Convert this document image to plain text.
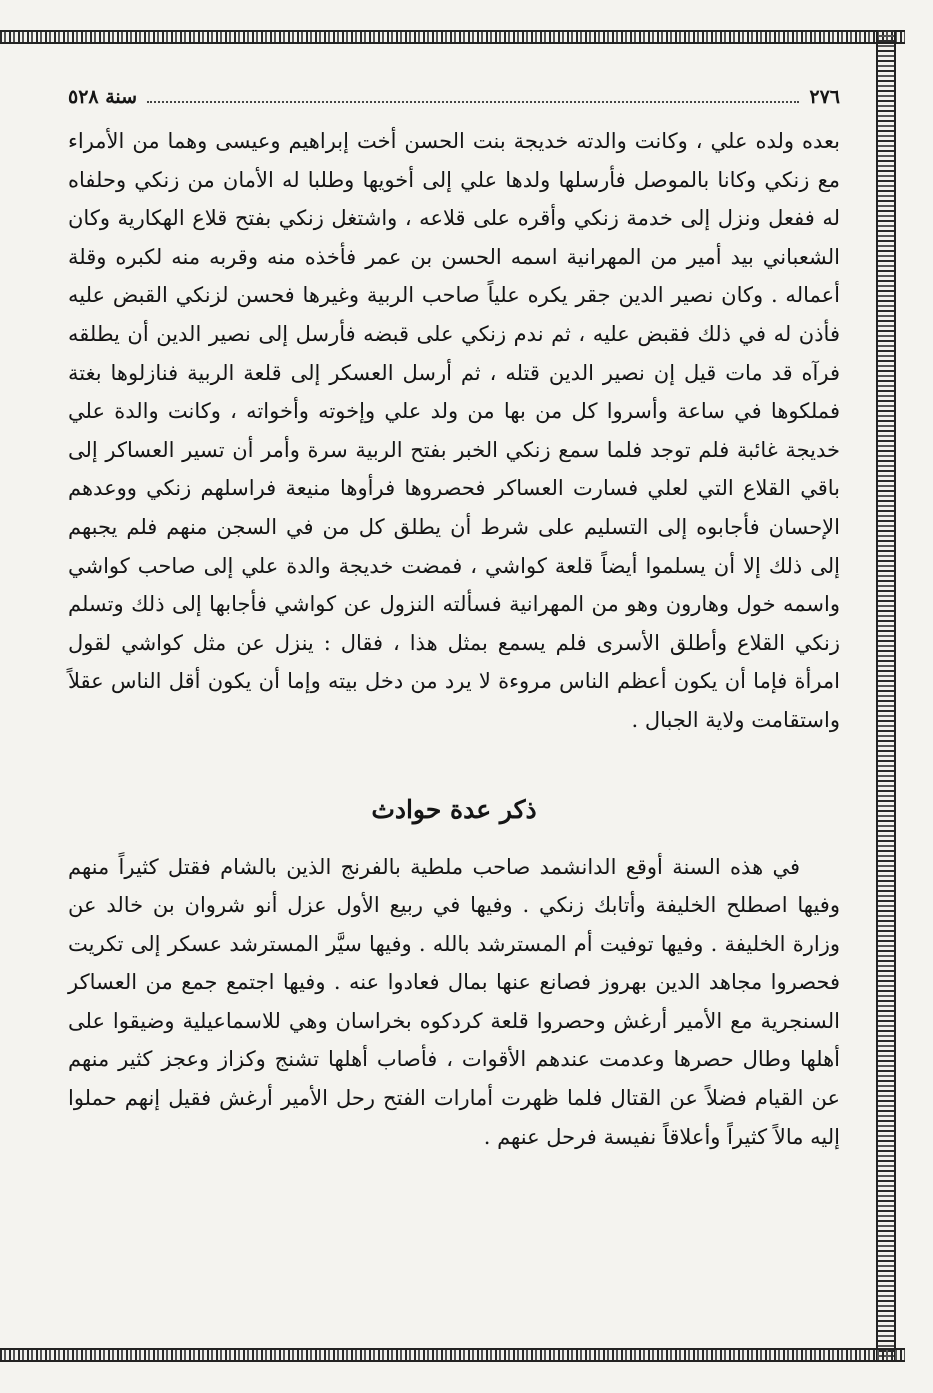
٢٧٦
سنة ٥٢٨

بعده ولده علي ، وكانت والدته خديجة بنت الحسن أخت إبراهيم وعيسى وهما من الأمراء مع زنكي وكانا بالموصل فأرسلها ولدها علي إلى أخويها وطلبا له الأمان من زنكي وحلفاه له ففعل ونزل إلى خدمة زنكي وأقره على قلاعه ، واشتغل زنكي بفتح قلاع الهكارية وكان الشعباني بيد أمير من المهرانية اسمه الحسن بن عمر فأخذه منه وقربه منه لكبره وقلة أعماله . وكان نصير الدين جقر يكره علياً صاحب الربية وغيرها فحسن لزنكي القبض عليه فأذن له في ذلك فقبض عليه ، ثم ندم زنكي على قبضه فأرسل إلى نصير الدين أن يطلقه فرآه قد مات قيل إن نصير الدين قتله ، ثم أرسل العسكر إلى قلعة الربية فنازلوها بغتة فملكوها في ساعة وأسروا كل من بها من ولد علي وإخوته وأخواته ، وكانت والدة علي خديجة غائبة فلم توجد فلما سمع زنكي الخبر بفتح الربية سرة وأمر أن تسير العساكر إلى باقي القلاع التي لعلي فسارت العساكر فحصروها فرأوها منيعة فراسلهم زنكي ووعدهم الإحسان فأجابوه إلى التسليم على شرط أن يطلق كل من في السجن منهم فلم يجبهم إلى ذلك إلا أن يسلموا أيضاً قلعة كواشي ، فمضت خديجة والدة علي إلى صاحب كواشي واسمه خول وهارون وهو من المهرانية فسألته النزول عن كواشي فأجابها إلى ذلك وتسلم زنكي القلاع وأطلق الأسرى فلم يسمع بمثل هذا ، فقال : ينزل عن مثل كواشي لقول امرأة فإما أن يكون أعظم الناس مروءة لا يرد من دخل بيته وإما أن يكون أقل الناس عقلاً واستقامت ولاية الجبال .

ذكر عدة حوادث

في هذه السنة أوقع الدانشمد صاحب ملطية بالفرنج الذين بالشام فقتل كثيراً منهم وفيها اصطلح الخليفة وأتابك زنكي . وفيها في ربيع الأول عزل أنو شروان بن خالد عن وزارة الخليفة . وفيها توفيت أم المسترشد بالله . وفيها سيَّر المسترشد عسكر إلى تكريت فحصروا مجاهد الدين بهروز فصانع عنها بمال فعادوا عنه . وفيها اجتمع جمع من العساكر السنجرية مع الأمير أرغش وحصروا قلعة كردكوه بخراسان وهي للاسماعيلية وضيقوا على أهلها وطال حصرها وعدمت عندهم الأقوات ، فأصاب أهلها تشنج وكزاز وعجز كثير منهم عن القيام فضلاً عن القتال فلما ظهرت أمارات الفتح رحل الأمير أرغش فقيل إنهم حملوا إليه مالاً كثيراً وأعلاقاً نفيسة فرحل عنهم .
